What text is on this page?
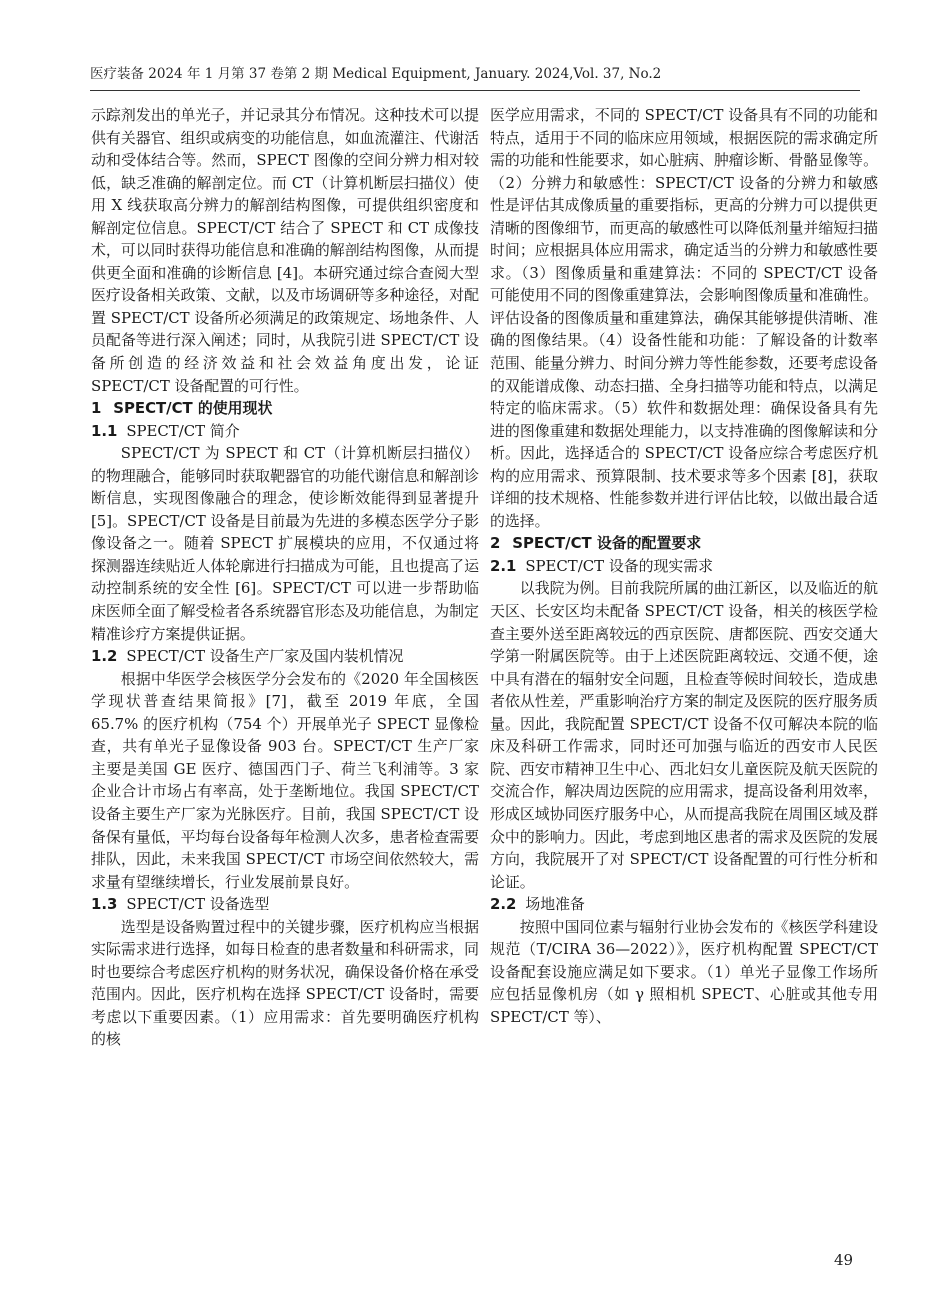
医疗装备 2024 年 1 月第 37 卷第 2 期 Medical Equipment, January. 2024,Vol. 37, No.2

示踪剂发出的单光子，并记录其分布情况。这种技术可以提供有关器官、组织或病变的功能信息，如血流灌注、代谢活动和受体结合等。然而，SPECT 图像的空间分辨力相对较低，缺乏准确的解剖定位。而 CT（计算机断层扫描仪）使用 X 线获取高分辨力的解剖结构图像，可提供组织密度和解剖定位信息。SPECT/CT 结合了 SPECT 和 CT 成像技术，可以同时获得功能信息和准确的解剖结构图像，从而提供更全面和准确的诊断信息 [4]。本研究通过综合查阅大型医疗设备相关政策、文献，以及市场调研等多种途径，对配置 SPECT/CT 设备所必须满足的政策规定、场地条件、人员配备等进行深入阐述；同时，从我院引进 SPECT/CT 设备所创造的经济效益和社会效益角度出发，论证 SPECT/CT 设备配置的可行性。

1 SPECT/CT 的使用现状
1.1 SPECT/CT 简介

SPECT/CT 为 SPECT 和 CT（计算机断层扫描仪）的物理融合，能够同时获取靶器官的功能代谢信息和解剖诊断信息，实现图像融合的理念，使诊断效能得到显著提升 [5]。SPECT/CT 设备是目前最为先进的多模态医学分子影像设备之一。随着 SPECT 扩展模块的应用，不仅通过将探测器连续贴近人体轮廓进行扫描成为可能，且也提高了运动控制系统的安全性 [6]。SPECT/CT 可以进一步帮助临床医师全面了解受检者各系统器官形态及功能信息，为制定精准诊疗方案提供证据。

1.2 SPECT/CT 设备生产厂家及国内装机情况

根据中华医学会核医学分会发布的《2020 年全国核医学现状普查结果简报》[7]，截至 2019 年底，全国 65.7% 的医疗机构（754 个）开展单光子 SPECT 显像检查，共有单光子显像设备 903 台。SPECT/CT 生产厂家主要是美国 GE 医疗、德国西门子、荷兰飞利浦等。3 家企业合计市场占有率高，处于垄断地位。我国 SPECT/CT 设备主要生产厂家为光脉医疗。目前，我国 SPECT/CT 设备保有量低，平均每台设备每年检测人次多，患者检查需要排队，因此，未来我国 SPECT/CT 市场空间依然较大，需求量有望继续增长，行业发展前景良好。

1.3 SPECT/CT 设备选型

选型是设备购置过程中的关键步骤，医疗机构应当根据实际需求进行选择，如每日检查的患者数量和科研需求，同时也要综合考虑医疗机构的财务状况，确保设备价格在承受范围内。因此，医疗机构在选择 SPECT/CT 设备时，需要考虑以下重要因素。（1）应用需求：首先要明确医疗机构的核

医学应用需求，不同的 SPECT/CT 设备具有不同的功能和特点，适用于不同的临床应用领域，根据医院的需求确定所需的功能和性能要求，如心脏病、肿瘤诊断、骨骼显像等。（2）分辨力和敏感性：SPECT/CT 设备的分辨力和敏感性是评估其成像质量的重要指标，更高的分辨力可以提供更清晰的图像细节，而更高的敏感性可以降低剂量并缩短扫描时间；应根据具体应用需求，确定适当的分辨力和敏感性要求。（3）图像质量和重建算法：不同的 SPECT/CT 设备可能使用不同的图像重建算法，会影响图像质量和准确性。评估设备的图像质量和重建算法，确保其能够提供清晰、准确的图像结果。（4）设备性能和功能：了解设备的计数率范围、能量分辨力、时间分辨力等性能参数，还要考虑设备的双能谱成像、动态扫描、全身扫描等功能和特点，以满足特定的临床需求。（5）软件和数据处理：确保设备具有先进的图像重建和数据处理能力，以支持准确的图像解读和分析。因此，选择适合的 SPECT/CT 设备应综合考虑医疗机构的应用需求、预算限制、技术要求等多个因素 [8]，获取详细的技术规格、性能参数并进行评估比较，以做出最合适的选择。

2 SPECT/CT 设备的配置要求
2.1 SPECT/CT 设备的现实需求

以我院为例。目前我院所属的曲江新区，以及临近的航天区、长安区均未配备 SPECT/CT 设备，相关的核医学检查主要外送至距离较远的西京医院、唐都医院、西安交通大学第一附属医院等。由于上述医院距离较远、交通不便，途中具有潜在的辐射安全问题，且检查等候时间较长，造成患者依从性差，严重影响治疗方案的制定及医院的医疗服务质量。因此，我院配置 SPECT/CT 设备不仅可解决本院的临床及科研工作需求，同时还可加强与临近的西安市人民医院、西安市精神卫生中心、西北妇女儿童医院及航天医院的交流合作，解决周边医院的应用需求，提高设备利用效率，形成区域协同医疗服务中心，从而提高我院在周围区域及群众中的影响力。因此，考虑到地区患者的需求及医院的发展方向，我院展开了对 SPECT/CT 设备配置的可行性分析和论证。

2.2 场地准备

按照中国同位素与辐射行业协会发布的《核医学科建设规范（T/CIRA 36—2022）》，医疗机构配置 SPECT/CT 设备配套设施应满足如下要求。（1）单光子显像工作场所应包括显像机房（如 γ 照相机 SPECT、心脏或其他专用 SPECT/CT 等）、

49
